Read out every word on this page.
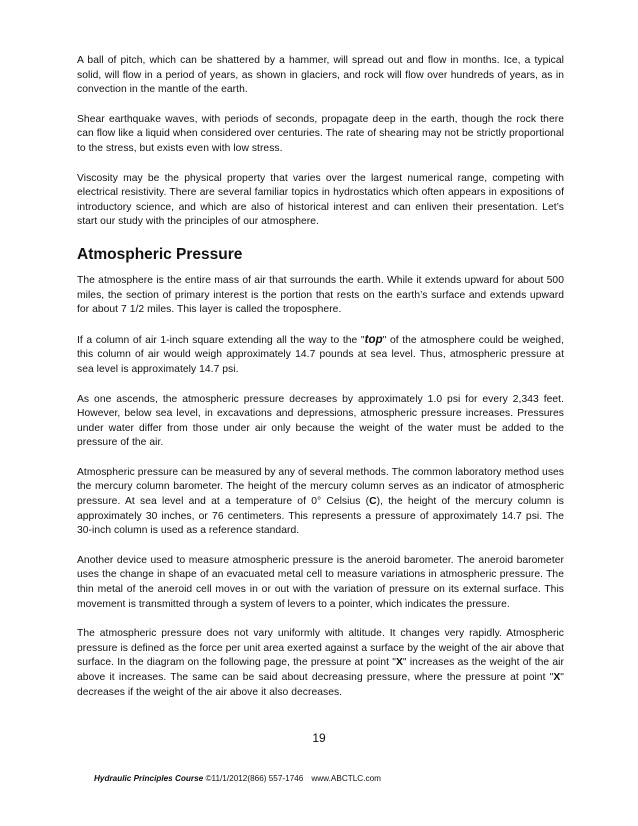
A ball of pitch, which can be shattered by a hammer, will spread out and flow in months. Ice, a typical solid, will flow in a period of years, as shown in glaciers, and rock will flow over hundreds of years, as in convection in the mantle of the earth.

Shear earthquake waves, with periods of seconds, propagate deep in the earth, though the rock there can flow like a liquid when considered over centuries. The rate of shearing may not be strictly proportional to the stress, but exists even with low stress.

Viscosity may be the physical property that varies over the largest numerical range, competing with electrical resistivity. There are several familiar topics in hydrostatics which often appears in expositions of introductory science, and which are also of historical interest and can enliven their presentation. Let’s start our study with the principles of our atmosphere.

Atmospheric Pressure

The atmosphere is the entire mass of air that surrounds the earth. While it extends upward for about 500 miles, the section of primary interest is the portion that rests on the earth’s surface and extends upward for about 7 1/2 miles. This layer is called the troposphere.

If a column of air 1-inch square extending all the way to the "top" of the atmosphere could be weighed, this column of air would weigh approximately 14.7 pounds at sea level. Thus, atmospheric pressure at sea level is approximately 14.7 psi.

As one ascends, the atmospheric pressure decreases by approximately 1.0 psi for every 2,343 feet. However, below sea level, in excavations and depressions, atmospheric pressure increases. Pressures under water differ from those under air only because the weight of the water must be added to the pressure of the air.

Atmospheric pressure can be measured by any of several methods. The common laboratory method uses the mercury column barometer. The height of the mercury column serves as an indicator of atmospheric pressure. At sea level and at a temperature of 0° Celsius (C), the height of the mercury column is approximately 30 inches, or 76 centimeters. This represents a pressure of approximately 14.7 psi. The 30-inch column is used as a reference standard.

Another device used to measure atmospheric pressure is the aneroid barometer. The aneroid barometer uses the change in shape of an evacuated metal cell to measure variations in atmospheric pressure. The thin metal of the aneroid cell moves in or out with the variation of pressure on its external surface. This movement is transmitted through a system of levers to a pointer, which indicates the pressure.

The atmospheric pressure does not vary uniformly with altitude. It changes very rapidly. Atmospheric pressure is defined as the force per unit area exerted against a surface by the weight of the air above that surface. In the diagram on the following page, the pressure at point "X" increases as the weight of the air above it increases. The same can be said about decreasing pressure, where the pressure at point "X" decreases if the weight of the air above it also decreases.

19
Hydraulic Principles Course ©11/1/2012(866) 557-1746 www.ABCTLC.com
